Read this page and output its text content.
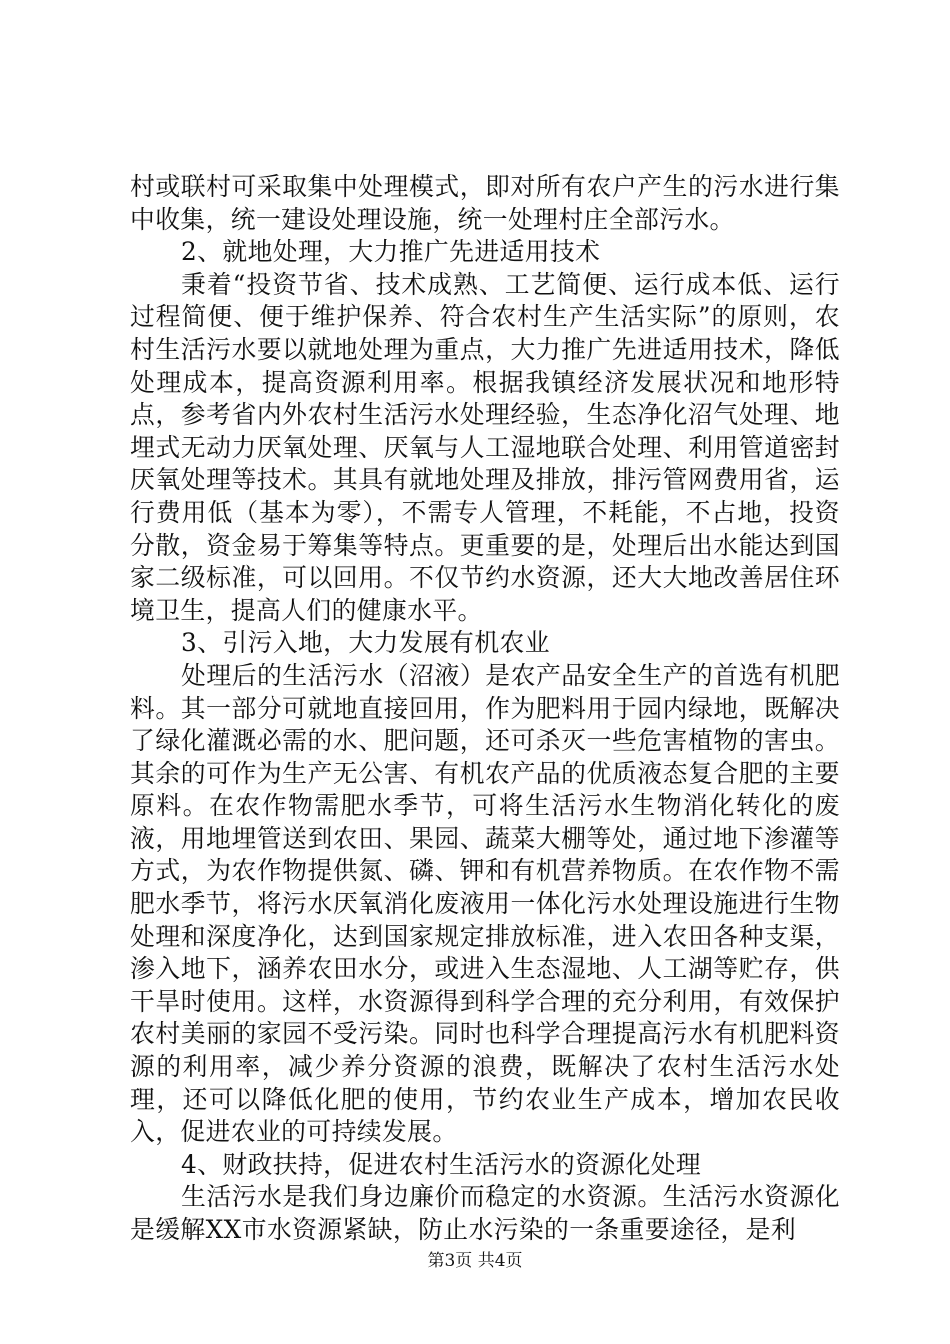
村或联村可采取集中处理模式，即对所有农户产生的污水进行集中收集，统一建设处理设施，统一处理村庄全部污水。

2、就地处理，大力推广先进适用技术

秉着“投资节省、技术成熟、工艺简便、运行成本低、运行过程简便、便于维护保养、符合农村生产生活实际”的原则，农村生活污水要以就地处理为重点，大力推广先进适用技术，降低处理成本，提高资源利用率。根据我镇经济发展状况和地形特点，参考省内外农村生活污水处理经验，生态净化沼气处理、地埋式无动力厌氧处理、厌氧与人工湿地联合处理、利用管道密封厌氧处理等技术。其具有就地处理及排放，排污管网费用省，运行费用低（基本为零），不需专人管理，不耗能，不占地，投资分散，资金易于筹集等特点。更重要的是，处理后出水能达到国家二级标准，可以回用。不仅节约水资源，还大大地改善居住环境卫生，提高人们的健康水平。

3、引污入地，大力发展有机农业

处理后的生活污水（沼液）是农产品安全生产的首选有机肥料。其一部分可就地直接回用，作为肥料用于园内绿地，既解决了绿化灌溉必需的水、肥问题，还可杀灭一些危害植物的害虫。其余的可作为生产无公害、有机农产品的优质液态复合肥的主要原料。在农作物需肥水季节，可将生活污水生物消化转化的废液，用地埋管送到农田、果园、蔬菜大棚等处，通过地下渗灌等方式，为农作物提供氮、磷、钾和有机营养物质。在农作物不需肥水季节，将污水厌氧消化废液用一体化污水处理设施进行生物处理和深度净化，达到国家规定排放标准，进入农田各种支渠，渗入地下，涵养农田水分，或进入生态湿地、人工湖等贮存，供干旱时使用。这样，水资源得到科学合理的充分利用，有效保护农村美丽的家园不受污染。同时也科学合理提高污水有机肥料资源的利用率，减少养分资源的浪费，既解决了农村生活污水处理，还可以降低化肥的使用，节约农业生产成本，增加农民收入，促进农业的可持续发展。

4、财政扶持，促进农村生活污水的资源化处理

生活污水是我们身边廉价而稳定的水资源。生活污水资源化是缓解XX市水资源紧缺，防止水污染的一条重要途径，是利

第3页 共4页
